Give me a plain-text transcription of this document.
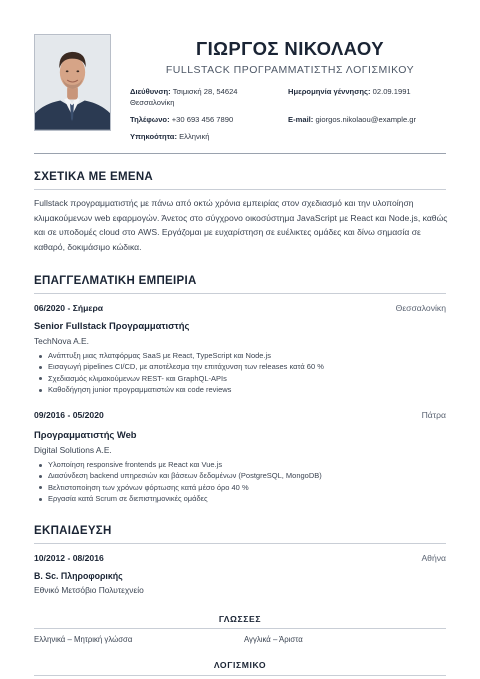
ΓΙΩΡΓΟΣ ΝΙΚΟΛΑΟΥ
FULLSTACK ΠΡΟΓΡΑΜΜΑΤΙΣΤΗΣ ΛΟΓΙΣΜΙΚΟΥ
Διεύθυνση: Τσιμισκή 28, 54624
Θεσσαλονίκη
Ημερομηνία γέννησης: 02.09.1991
Τηλέφωνο: +30 693 456 7890	E-mail: giorgos.nikolaou@example.gr
Υπηκοότητα: Ελληνική
ΣΧΕΤΙΚΑ ΜΕ ΕΜΕΝΑ
Fullstack προγραμματιστής με πάνω από οκτώ χρόνια εμπειρίας στον σχεδιασμό και την υλοποίηση κλιμακούμενων web εφαρμογών. Άνετος στο σύγχρονο οικοσύστημα JavaScript με React και Node.js, καθώς και σε υποδομές cloud στο AWS. Εργάζομαι με ευχαρίστηση σε ευέλικτες ομάδες και δίνω σημασία σε καθαρό, δοκιμάσιμο κώδικα.
ΕΠΑΓΓΕΛΜΑΤΙΚΗ ΕΜΠΕΙΡΙΑ
06/2020 - Σήμερα	Θεσσαλονίκη
Senior Fullstack Προγραμματιστής
TechNova A.E.
Ανάπτυξη μιας πλατφόρμας SaaS με React, TypeScript και Node.js
Εισαγωγή pipelines CI/CD, με αποτέλεσμα την επιτάχυνση των releases κατά 60 %
Σχεδιασμός κλιμακούμενων REST- και GraphQL-APIs
Καθοδήγηση junior προγραμματιστών και code reviews
09/2016 - 05/2020	Πάτρα
Προγραμματιστής Web
Digital Solutions A.E.
Υλοποίηση responsive frontends με React και Vue.js
Διασύνδεση backend υπηρεσιών και βάσεων δεδομένων (PostgreSQL, MongoDB)
Βελτιστοποίηση των χρόνων φόρτωσης κατά μέσο όρο 40 %
Εργασία κατά Scrum σε διεπιστημονικές ομάδες
ΕΚΠΑΙΔΕΥΣΗ
10/2012 - 08/2016	Αθήνα
B. Sc. Πληροφορικής
Εθνικό Μετσόβιο Πολυτεχνείο
ΓΛΩΣΣΕΣ
Ελληνικά – Μητρική γλώσσα	Αγγλικά – Άριστα
ΛΟΓΙΣΜΙΚΟ
